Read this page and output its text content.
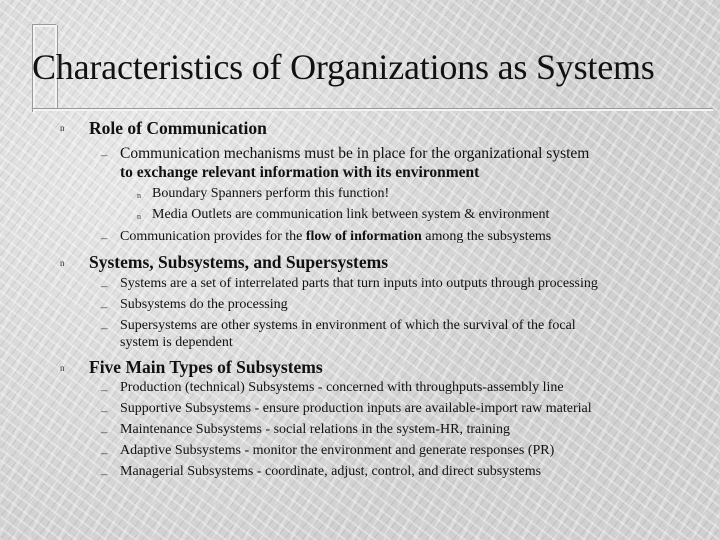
Characteristics of Organizations as Systems
n Role of Communication
– Communication mechanisms must be in place for the organizational system
to exchange relevant information with its environment
n Boundary Spanners perform this function!
n Media Outlets are communication link between system & environment
– Communication provides for the flow of information among the subsystems
n Systems, Subsystems, and Supersystems
– Systems are a set of interrelated parts that turn inputs into outputs through processing
– Subsystems do the processing
– Supersystems are other systems in environment of which the survival of the focal
system is dependent
n Five Main Types of Subsystems
– Production (technical) Subsystems - concerned with throughputs-assembly line
– Supportive Subsystems - ensure production inputs are available-import raw material
– Maintenance Subsystems - social relations in the system-HR, training
– Adaptive Subsystems - monitor the environment and generate responses (PR)
– Managerial Subsystems - coordinate, adjust, control, and direct subsystems
